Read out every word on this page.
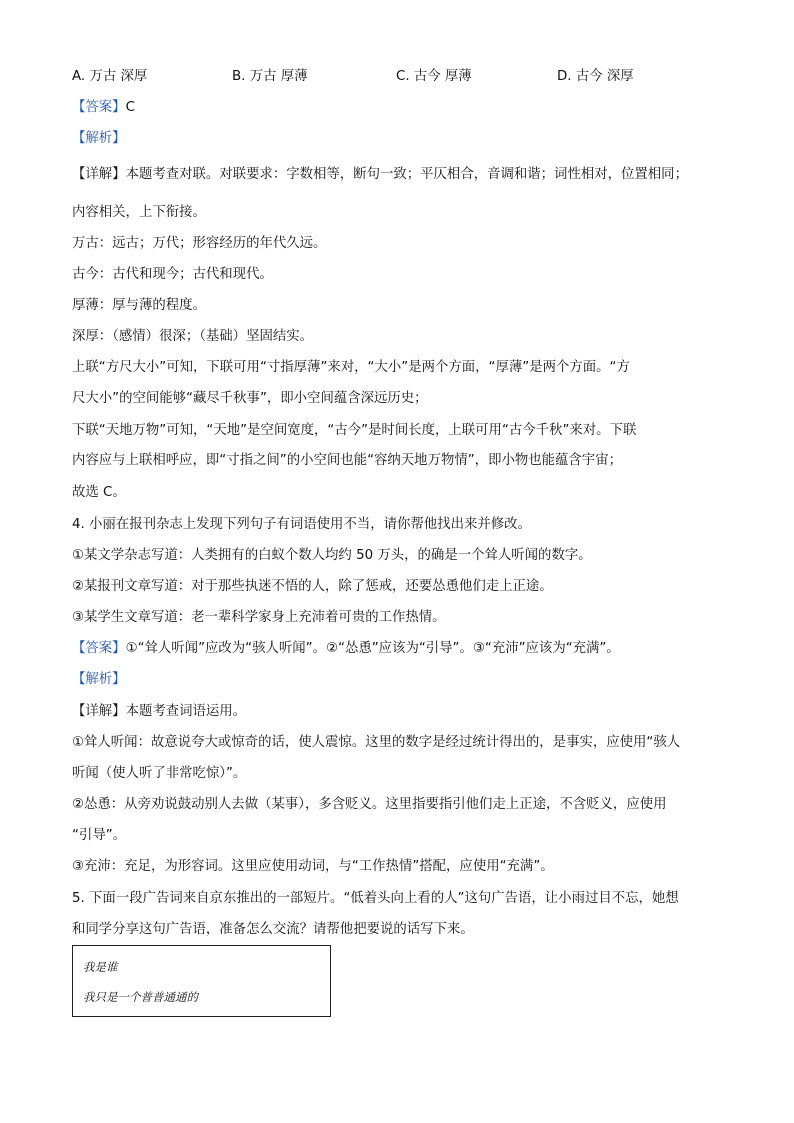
A. 万古 深厚	B. 万古 厚薄	C. 古今 厚薄	D. 古今 深厚
【答案】C
【解析】
【详解】本题考查对联。对联要求：字数相等，断句一致；平仄相合，音调和谐；词性相对，位置相同；
内容相关，上下衔接。
万古：远古；万代；形容经历的年代久远。
古今：古代和现今；古代和现代。
厚薄：厚与薄的程度。
深厚：（感情）很深；（基础）坚固结实。
上联“方尺大小”可知，下联可用“寸指厚薄”来对，“大小”是两个方面，“厚薄”是两个方面。“方
尺大小”的空间能够“藏尽千秋事”，即小空间蕴含深远历史；
下联“天地万物”可知，“天地”是空间宽度，“古今”是时间长度，上联可用“古今千秋”来对。下联
内容应与上联相呼应，即“寸指之间”的小空间也能“容纳天地万物情”，即小物也能蕴含宇宙；
故选 C。
4. 小丽在报刊杂志上发现下列句子有词语使用不当，请你帮他找出来并修改。
①某文学杂志写道：人类拥有的白蚁个数人均约 50 万头，的确是一个耸人听闻的数字。
②某报刊文章写道：对于那些执迷不悟的人，除了惩戒，还要怂恿他们走上正途。
③某学生文章写道：老一辈科学家身上充沛着可贵的工作热情。
【答案】①“耸人听闻”应改为“骇人听闻”。②“怂恿”应该为“引导”。③“充沛”应该为“充满”。
【解析】
【详解】本题考查词语运用。
①耸人听闻：故意说夸大或惊奇的话，使人震惊。这里的数字是经过统计得出的，是事实，应使用“骇人
听闻（使人听了非常吃惊）”。
②怂恿：从旁劝说鼓动别人去做（某事），多含贬义。这里指要指引他们走上正途，不含贬义，应使用
“引导”。
③充沛：充足，为形容词。这里应使用动词，与“工作热情”搭配，应使用“充满”。
5. 下面一段广告词来自京东推出的一部短片。“低着头向上看的人”这句广告语，让小雨过目不忘，她想
和同学分享这句广告语，准备怎么交流？请帮他把要说的话写下来。
我是谁
我只是一个普普通通的
